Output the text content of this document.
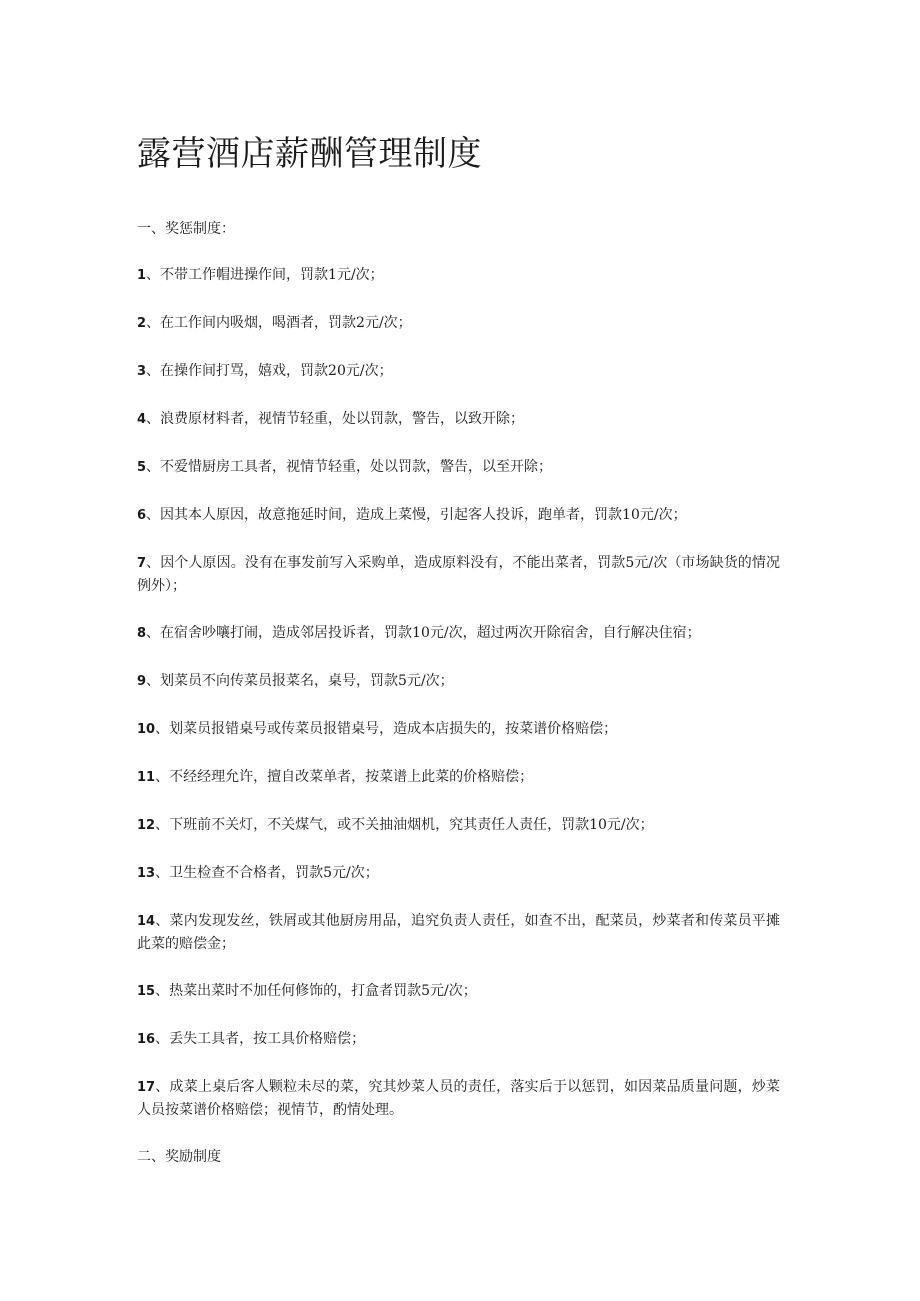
露营酒店薪酬管理制度

一、奖惩制度：

1、不带工作帽进操作间，罚款1元/次；
2、在工作间内吸烟，喝酒者，罚款2元/次；
3、在操作间打骂，嬉戏，罚款20元/次；
4、浪费原材料者，视情节轻重，处以罚款，警告，以致开除；
5、不爱惜厨房工具者，视情节轻重，处以罚款，警告，以至开除；
6、因其本人原因，故意拖延时间，造成上菜慢，引起客人投诉，跑单者，罚款10元/次；
7、因个人原因。没有在事发前写入采购单，造成原料没有，不能出菜者，罚款5元/次（市场缺货的情况例外）；
8、在宿舍吵嚷打闹，造成邻居投诉者，罚款10元/次，超过两次开除宿舍，自行解决住宿；
9、划菜员不向传菜员报菜名，桌号，罚款5元/次；
10、划菜员报错桌号或传菜员报错桌号，造成本店损失的，按菜谱价格赔偿；
11、不经经理允许，擅自改菜单者，按菜谱上此菜的价格赔偿；
12、下班前不关灯，不关煤气，或不关抽油烟机，究其责任人责任，罚款10元/次；
13、卫生检查不合格者，罚款5元/次；
14、菜内发现发丝，铁屑或其他厨房用品，追究负责人责任，如查不出，配菜员，炒菜者和传菜员平摊此菜的赔偿金；
15、热菜出菜时不加任何修饰的，打盒者罚款5元/次；
16、丢失工具者，按工具价格赔偿；
17、成菜上桌后客人颗粒未尽的菜，究其炒菜人员的责任，落实后于以惩罚，如因菜品质量问题，炒菜人员按菜谱价格赔偿；视情节，酌情处理。

二、奖励制度
